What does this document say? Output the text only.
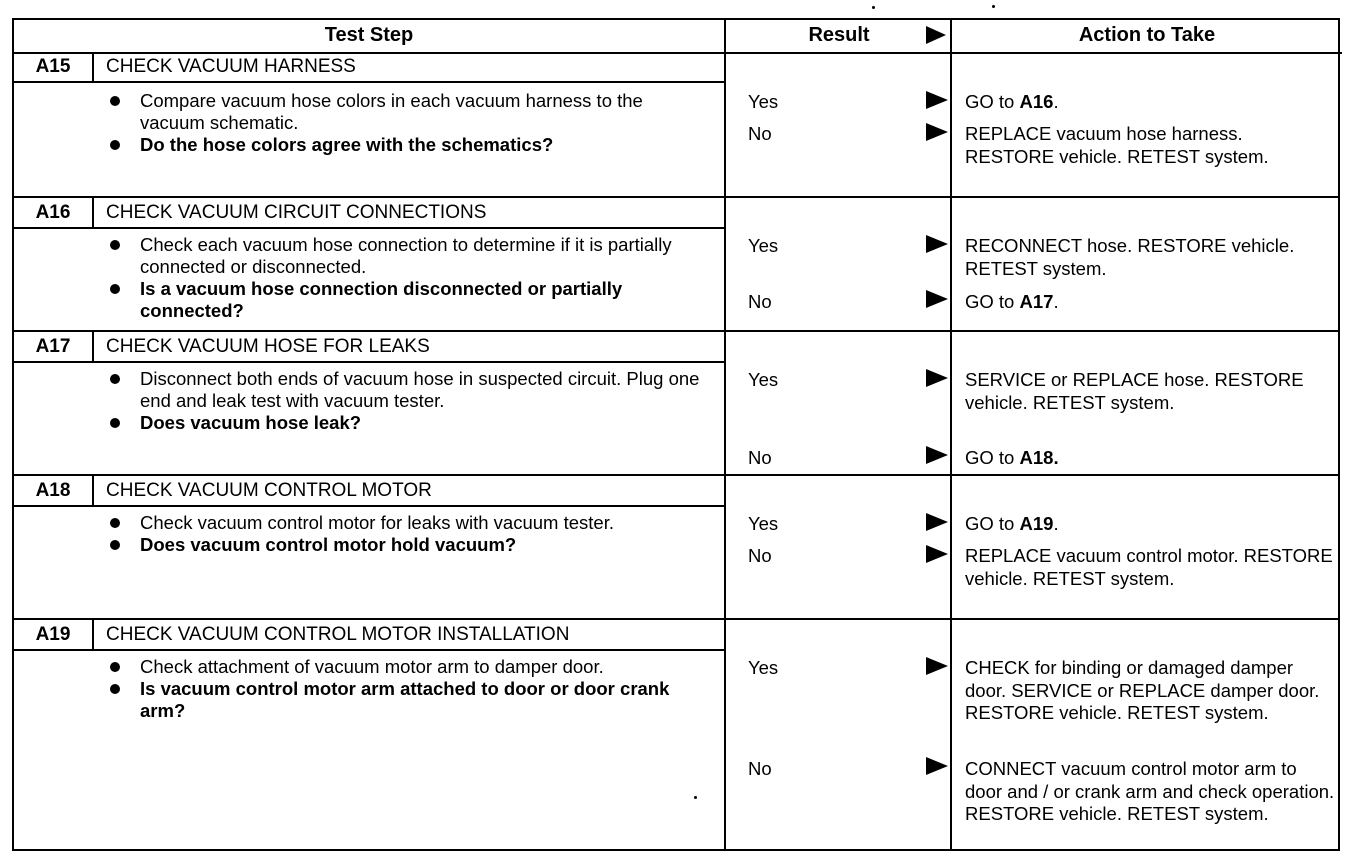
Test Step	Result	Action to Take
A15	CHECK VACUUM HARNESS
Compare vacuum hose colors in each vacuum harness to the vacuum schematic.
Do the hose colors agree with the schematics?
Yes	GO to A16.
No	REPLACE vacuum hose harness. RESTORE vehicle. RETEST system.
A16	CHECK VACUUM CIRCUIT CONNECTIONS
Check each vacuum hose connection to determine if it is partially connected or disconnected.
Is a vacuum hose connection disconnected or partially connected?
Yes	RECONNECT hose. RESTORE vehicle. RETEST system.
No	GO to A17.
A17	CHECK VACUUM HOSE FOR LEAKS
Disconnect both ends of vacuum hose in suspected circuit. Plug one end and leak test with vacuum tester.
Does vacuum hose leak?
Yes	SERVICE or REPLACE hose. RESTORE vehicle. RETEST system.
No	GO to A18.
A18	CHECK VACUUM CONTROL MOTOR
Check vacuum control motor for leaks with vacuum tester.
Does vacuum control motor hold vacuum?
Yes	GO to A19.
No	REPLACE vacuum control motor. RESTORE vehicle. RETEST system.
A19	CHECK VACUUM CONTROL MOTOR INSTALLATION
Check attachment of vacuum motor arm to damper door.
Is vacuum control motor arm attached to door or door crank arm?
Yes	CHECK for binding or damaged damper door. SERVICE or REPLACE damper door. RESTORE vehicle. RETEST system.
No	CONNECT vacuum control motor arm to door and / or crank arm and check operation. RESTORE vehicle. RETEST system.
